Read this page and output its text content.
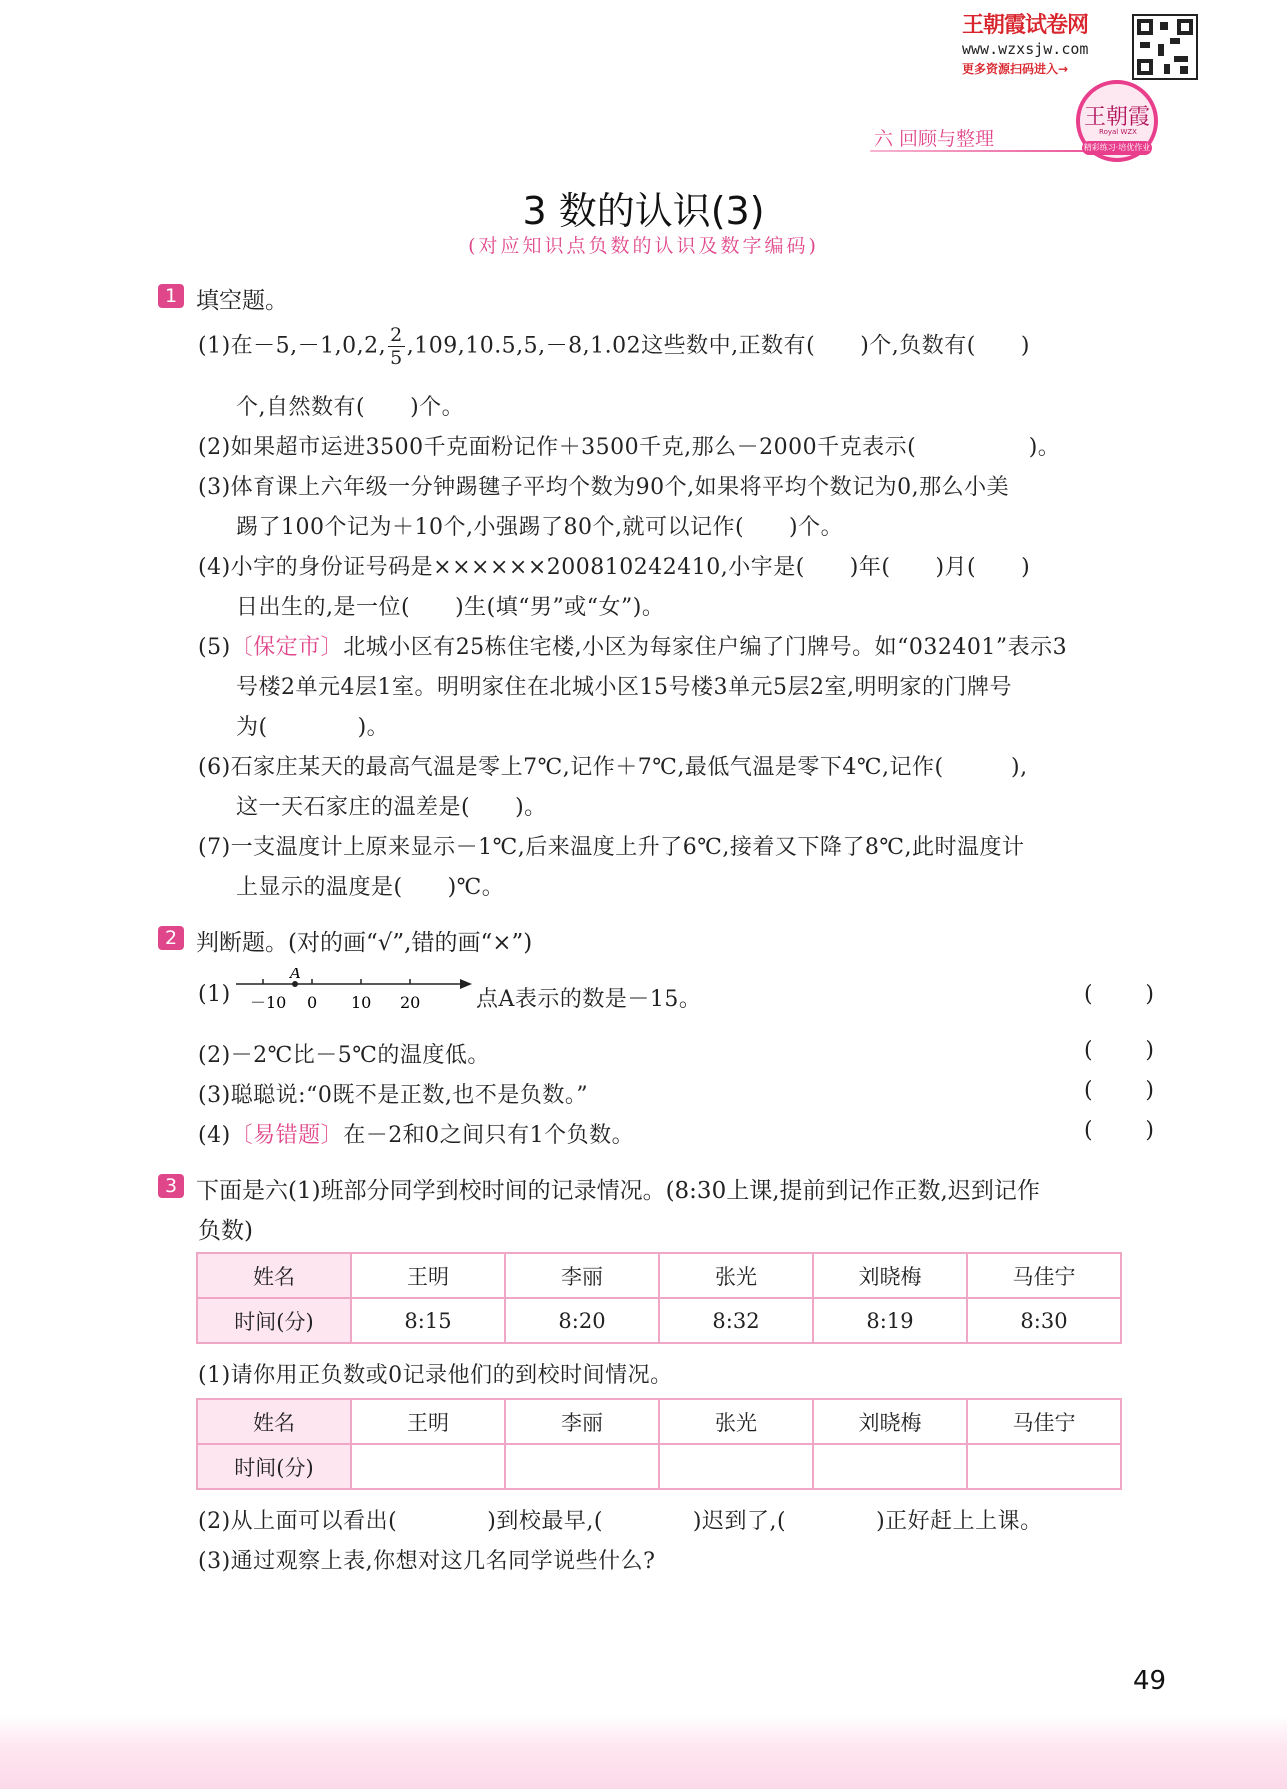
王朝霞试卷网
www.wzxsjw.com
更多资源扫码进入→
王朝霞
Royal WZX
六 回顾与整理	精彩练习·培优作业
3 数的认识(3)
(对应知识点负数的认识及数字编码)
1 填空题。
(1)在－5,－1,0,2, $\frac{2}{5} ,109,10.5,5,-8,1.02$这些数中,正数有(　　)个,负数有(　　)
个,自然数有(　　)个。
(2)如果超市运进3500千克面粉记作＋3500千克,那么－2000千克表示(　　　　　)。
(3)体育课上六年级一分钟踢毽子平均个数为90个,如果将平均个数记为0,那么小美
踢了100个记为＋10个,小强踢了80个,就可以记作(　　)个。
(4)小宇的身份证号码是××××××200810242410,小宇是(　　)年(　　)月(　　)
日出生的,是一位(　　)生(填“男”或“女”)。
(5)〔保定市〕北城小区有25栋住宅楼,小区为每家住户编了门牌号。如“032401”表示3
号楼2单元4层1室。明明家住在北城小区15号楼3单元5层2室,明明家的门牌号
为(　　　　)。
(6)石家庄某天的最高气温是零上7℃,记作＋7℃,最低气温是零下4℃,记作(　　　),
这一天石家庄的温差是(　　)。
(7)一支温度计上原来显示－1℃,后来温度上升了6℃,接着又下降了8℃,此时温度计
上显示的温度是(　　)℃。
2 判断题。(对的画“√”,错的画“×”)
(1)
A
－10 0 10 20	点A表示的数是－15。	( )
(2)－2℃比－5℃的温度低。	( )
(3)聪聪说:“0既不是正数,也不是负数。”	( )
(4)〔易错题〕在－2和0之间只有1个负数。	( )
3 下面是六(1)班部分同学到校时间的记录情况。(8:30上课,提前到记作正数,迟到记作
负数)
姓名	王明	李丽	张光	刘晓梅	马佳宁
时间(分)	8:15	8:20	8:32	8:19	8:30
(1)请你用正负数或0记录他们的到校时间情况。
姓名	王明	李丽	张光	刘晓梅	马佳宁
时间(分)					
(2)从上面可以看出(　　　　)到校最早,(　　　　)迟到了,(　　　　)正好赶上上课。
(3)通过观察上表,你想对这几名同学说些什么?
49
